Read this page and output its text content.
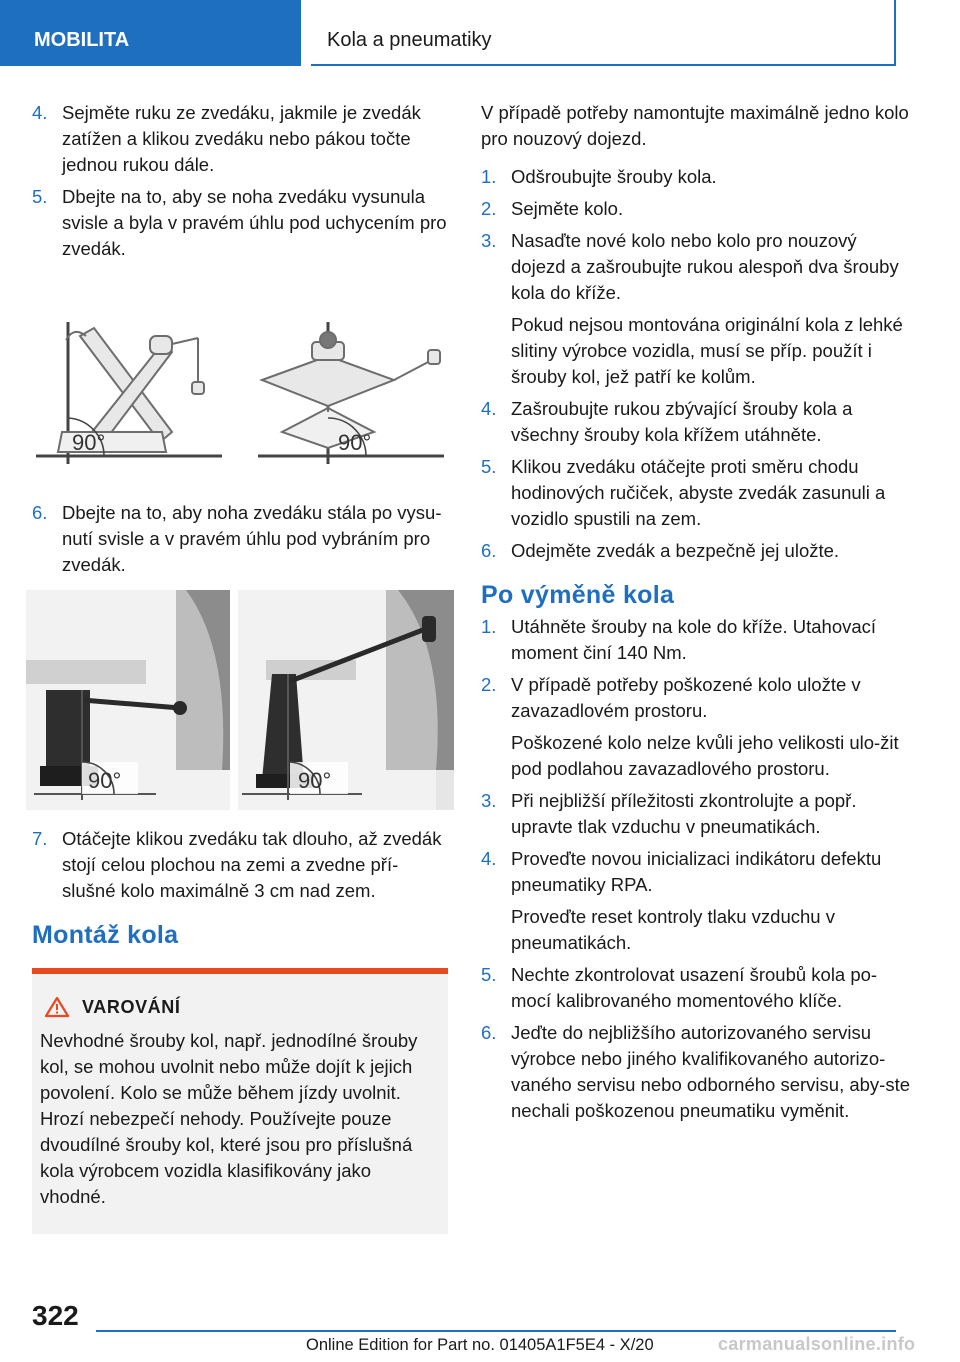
MOBILITA	Kola a pneumatiky
4. Sejměte ruku ze zvedáku, jakmile je zvedák zatížen a klikou zvedáku nebo pákou točte jednou rukou dále.
5. Dbejte na to, aby se noha zvedáku vysunula svisle a byla v pravém úhlu pod uchycením pro zvedák.
90°	90°
6. Dbejte na to, aby noha zvedáku stála po vysu-nutí svisle a v pravém úhlu pod vybráním pro zvedák.
90°	90°
7. Otáčejte klikou zvedáku tak dlouho, až zvedák stojí celou plochou na zemi a zvedne pří-slušné kolo maximálně 3 cm nad zem.
Montáž kola
VAROVÁNÍ
Nevhodné šrouby kol, např. jednodílné šrouby kol, se mohou uvolnit nebo může dojít k jejich povolení. Kolo se může během jízdy uvolnit. Hrozí nebezpečí nehody. Používejte pouze dvoudílné šrouby kol, které jsou pro příslušná kola výrobcem vozidla klasifikovány jako vhodné.
V případě potřeby namontujte maximálně jedno kolo pro nouzový dojezd.
1. Odšroubujte šrouby kola.
2. Sejměte kolo.
3. Nasaďte nové kolo nebo kolo pro nouzový dojezd a zašroubujte rukou alespoň dva šrouby kola do kříže.
Pokud nejsou montována originální kola z lehké slitiny výrobce vozidla, musí se příp. použít i šrouby kol, jež patří ke kolům.
4. Zašroubujte rukou zbývající šrouby kola a všechny šrouby kola křížem utáhněte.
5. Klikou zvedáku otáčejte proti směru chodu hodinových ručiček, abyste zvedák zasunuli a vozidlo spustili na zem.
6. Odejměte zvedák a bezpečně jej uložte.
Po výměně kola
1. Utáhněte šrouby na kole do kříže. Utahovací moment činí 140 Nm.
2. V případě potřeby poškozené kolo uložte v zavazadlovém prostoru.
Poškozené kolo nelze kvůli jeho velikosti ulo-žit pod podlahou zavazadlového prostoru.
3. Při nejbližší příležitosti zkontrolujte a popř. upravte tlak vzduchu v pneumatikách.
4. Proveďte novou inicializaci indikátoru defektu pneumatiky RPA.
Proveďte reset kontroly tlaku vzduchu v pneumatikách.
5. Nechte zkontrolovat usazení šroubů kola po-mocí kalibrovaného momentového klíče.
6. Jeďte do nejbližšího autorizovaného servisu výrobce nebo jiného kvalifikovaného autorizo-vaného servisu nebo odborného servisu, aby-ste nechali poškozenou pneumatiku vyměnit.
322
Online Edition for Part no. 01405A1F5E4 - X/20	carmanualsonline.info
